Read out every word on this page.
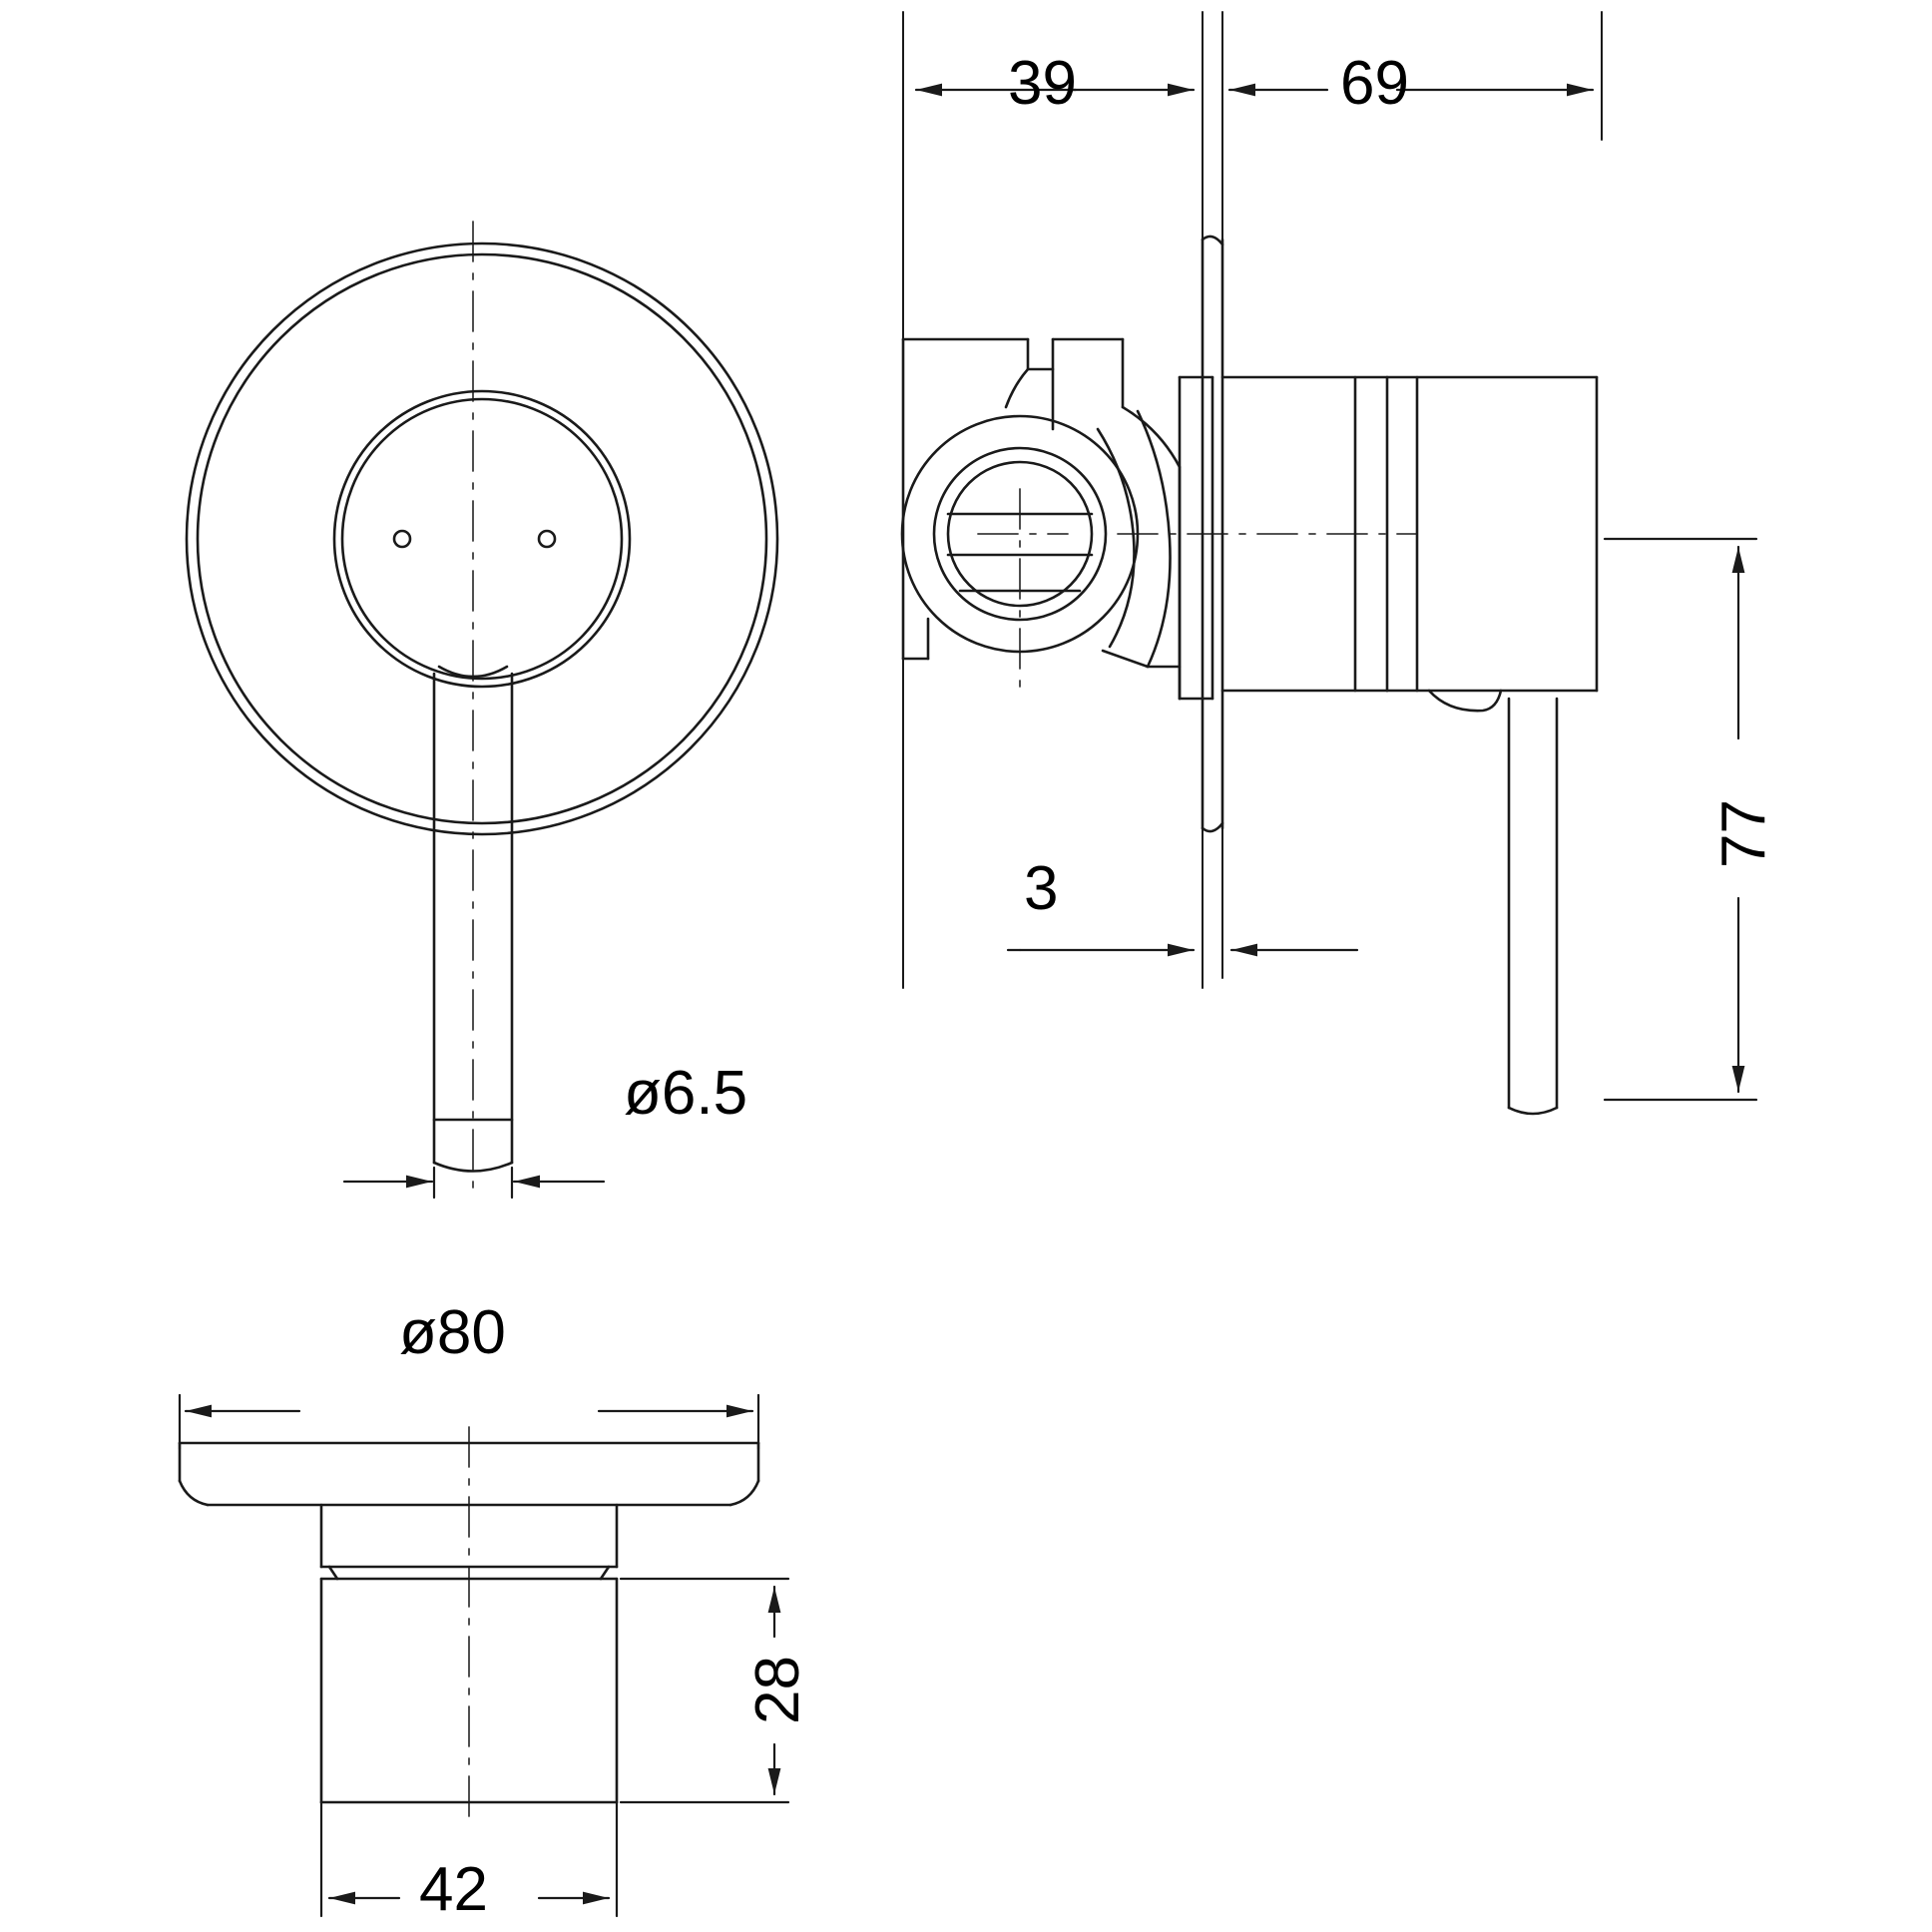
39	69
3
77
ø6.5
ø80
28
42
